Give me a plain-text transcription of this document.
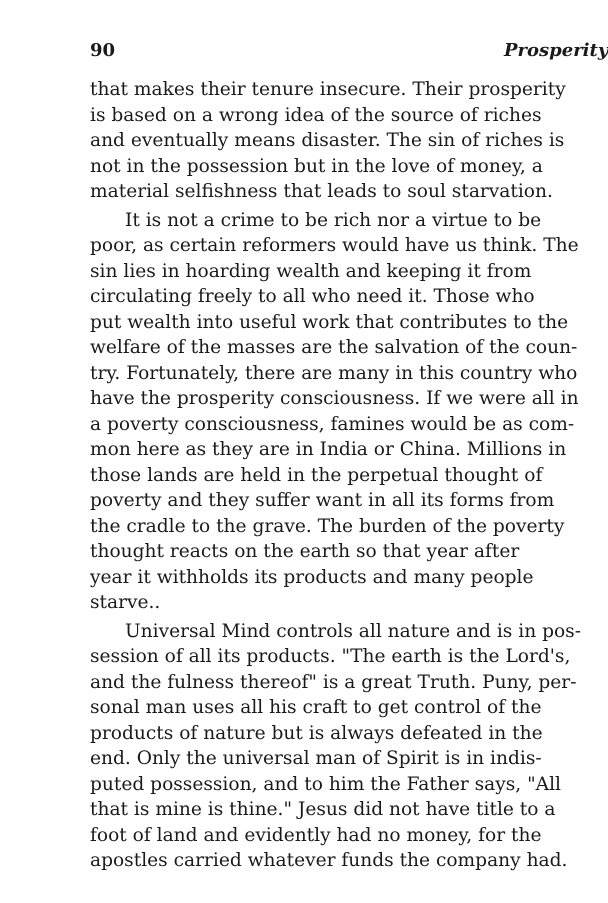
90	Prosperity
that makes their tenure insecure. Their prosperity
is based on a wrong idea of the source of riches
and eventually means disaster. The sin of riches is
not in the possession but in the love of money, a
material selfishness that leads to soul starvation.
It is not a crime to be rich nor a virtue to be
poor, as certain reformers would have us think. The
sin lies in hoarding wealth and keeping it from
circulating freely to all who need it. Those who
put wealth into useful work that contributes to the
welfare of the masses are the salvation of the coun-
try. Fortunately, there are many in this country who
have the prosperity consciousness. If we were all in
a poverty consciousness, famines would be as com-
mon here as they are in India or China. Millions in
those lands are held in the perpetual thought of
poverty and they suffer want in all its forms from
the cradle to the grave. The burden of the poverty
thought reacts on the earth so that year after
year it withholds its products and many people
starve..
Universal Mind controls all nature and is in pos-
session of all its products. "The earth is the Lord's,
and the fulness thereof" is a great Truth. Puny, per-
sonal man uses all his craft to get control of the
products of nature but is always defeated in the
end. Only the universal man of Spirit is in indis-
puted possession, and to him the Father says, "All
that is mine is thine." Jesus did not have title to a
foot of land and evidently had no money, for the
apostles carried whatever funds the company had.
